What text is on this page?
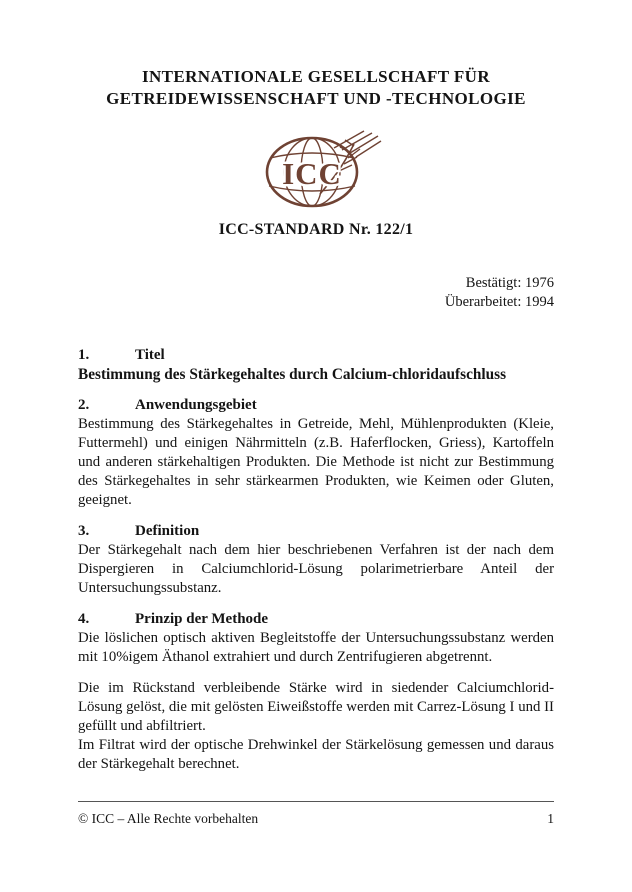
INTERNATIONALE GESELLSCHAFT FÜR
GETREIDEWISSENSCHAFT UND -TECHNOLOGIE
ICC
ICC-STANDARD Nr. 122/1
Bestätigt: 1976
Überarbeitet: 1994
1.	Titel
Bestimmung des Stärkegehaltes durch Calcium-chloridaufschluss
2.	Anwendungsgebiet

Bestimmung des Stärkegehaltes in Getreide, Mehl, Mühlenprodukten (Kleie, Futtermehl) und einigen Nährmitteln (z.B. Haferflocken, Griess), Kartoffeln und anderen stärkehaltigen Produkten. Die Methode ist nicht zur Bestimmung des Stärkegehaltes in sehr stärkearmen Produkten, wie Keimen oder Gluten, geeignet.

3.	Definition

Der Stärkegehalt nach dem hier beschriebenen Verfahren ist der nach dem Dispergieren in Calciumchlorid-Lösung polarimetrierbare Anteil der Untersuchungssubstanz.

4.	Prinzip der Methode

Die löslichen optisch aktiven Begleitstoffe der Untersuchungssubstanz werden mit 10%igem Äthanol extrahiert und durch Zentrifugieren abgetrennt.

Die im Rückstand verbleibende Stärke wird in siedender Calciumchlorid-Lösung gelöst, die mit gelösten Eiweißstoffe werden mit Carrez-Lösung I und II gefüllt und abfiltriert.

Im Filtrat wird der optische Drehwinkel der Stärkelösung gemessen und daraus der Stärkegehalt berechnet.

© ICC – Alle Rechte vorbehalten	1
